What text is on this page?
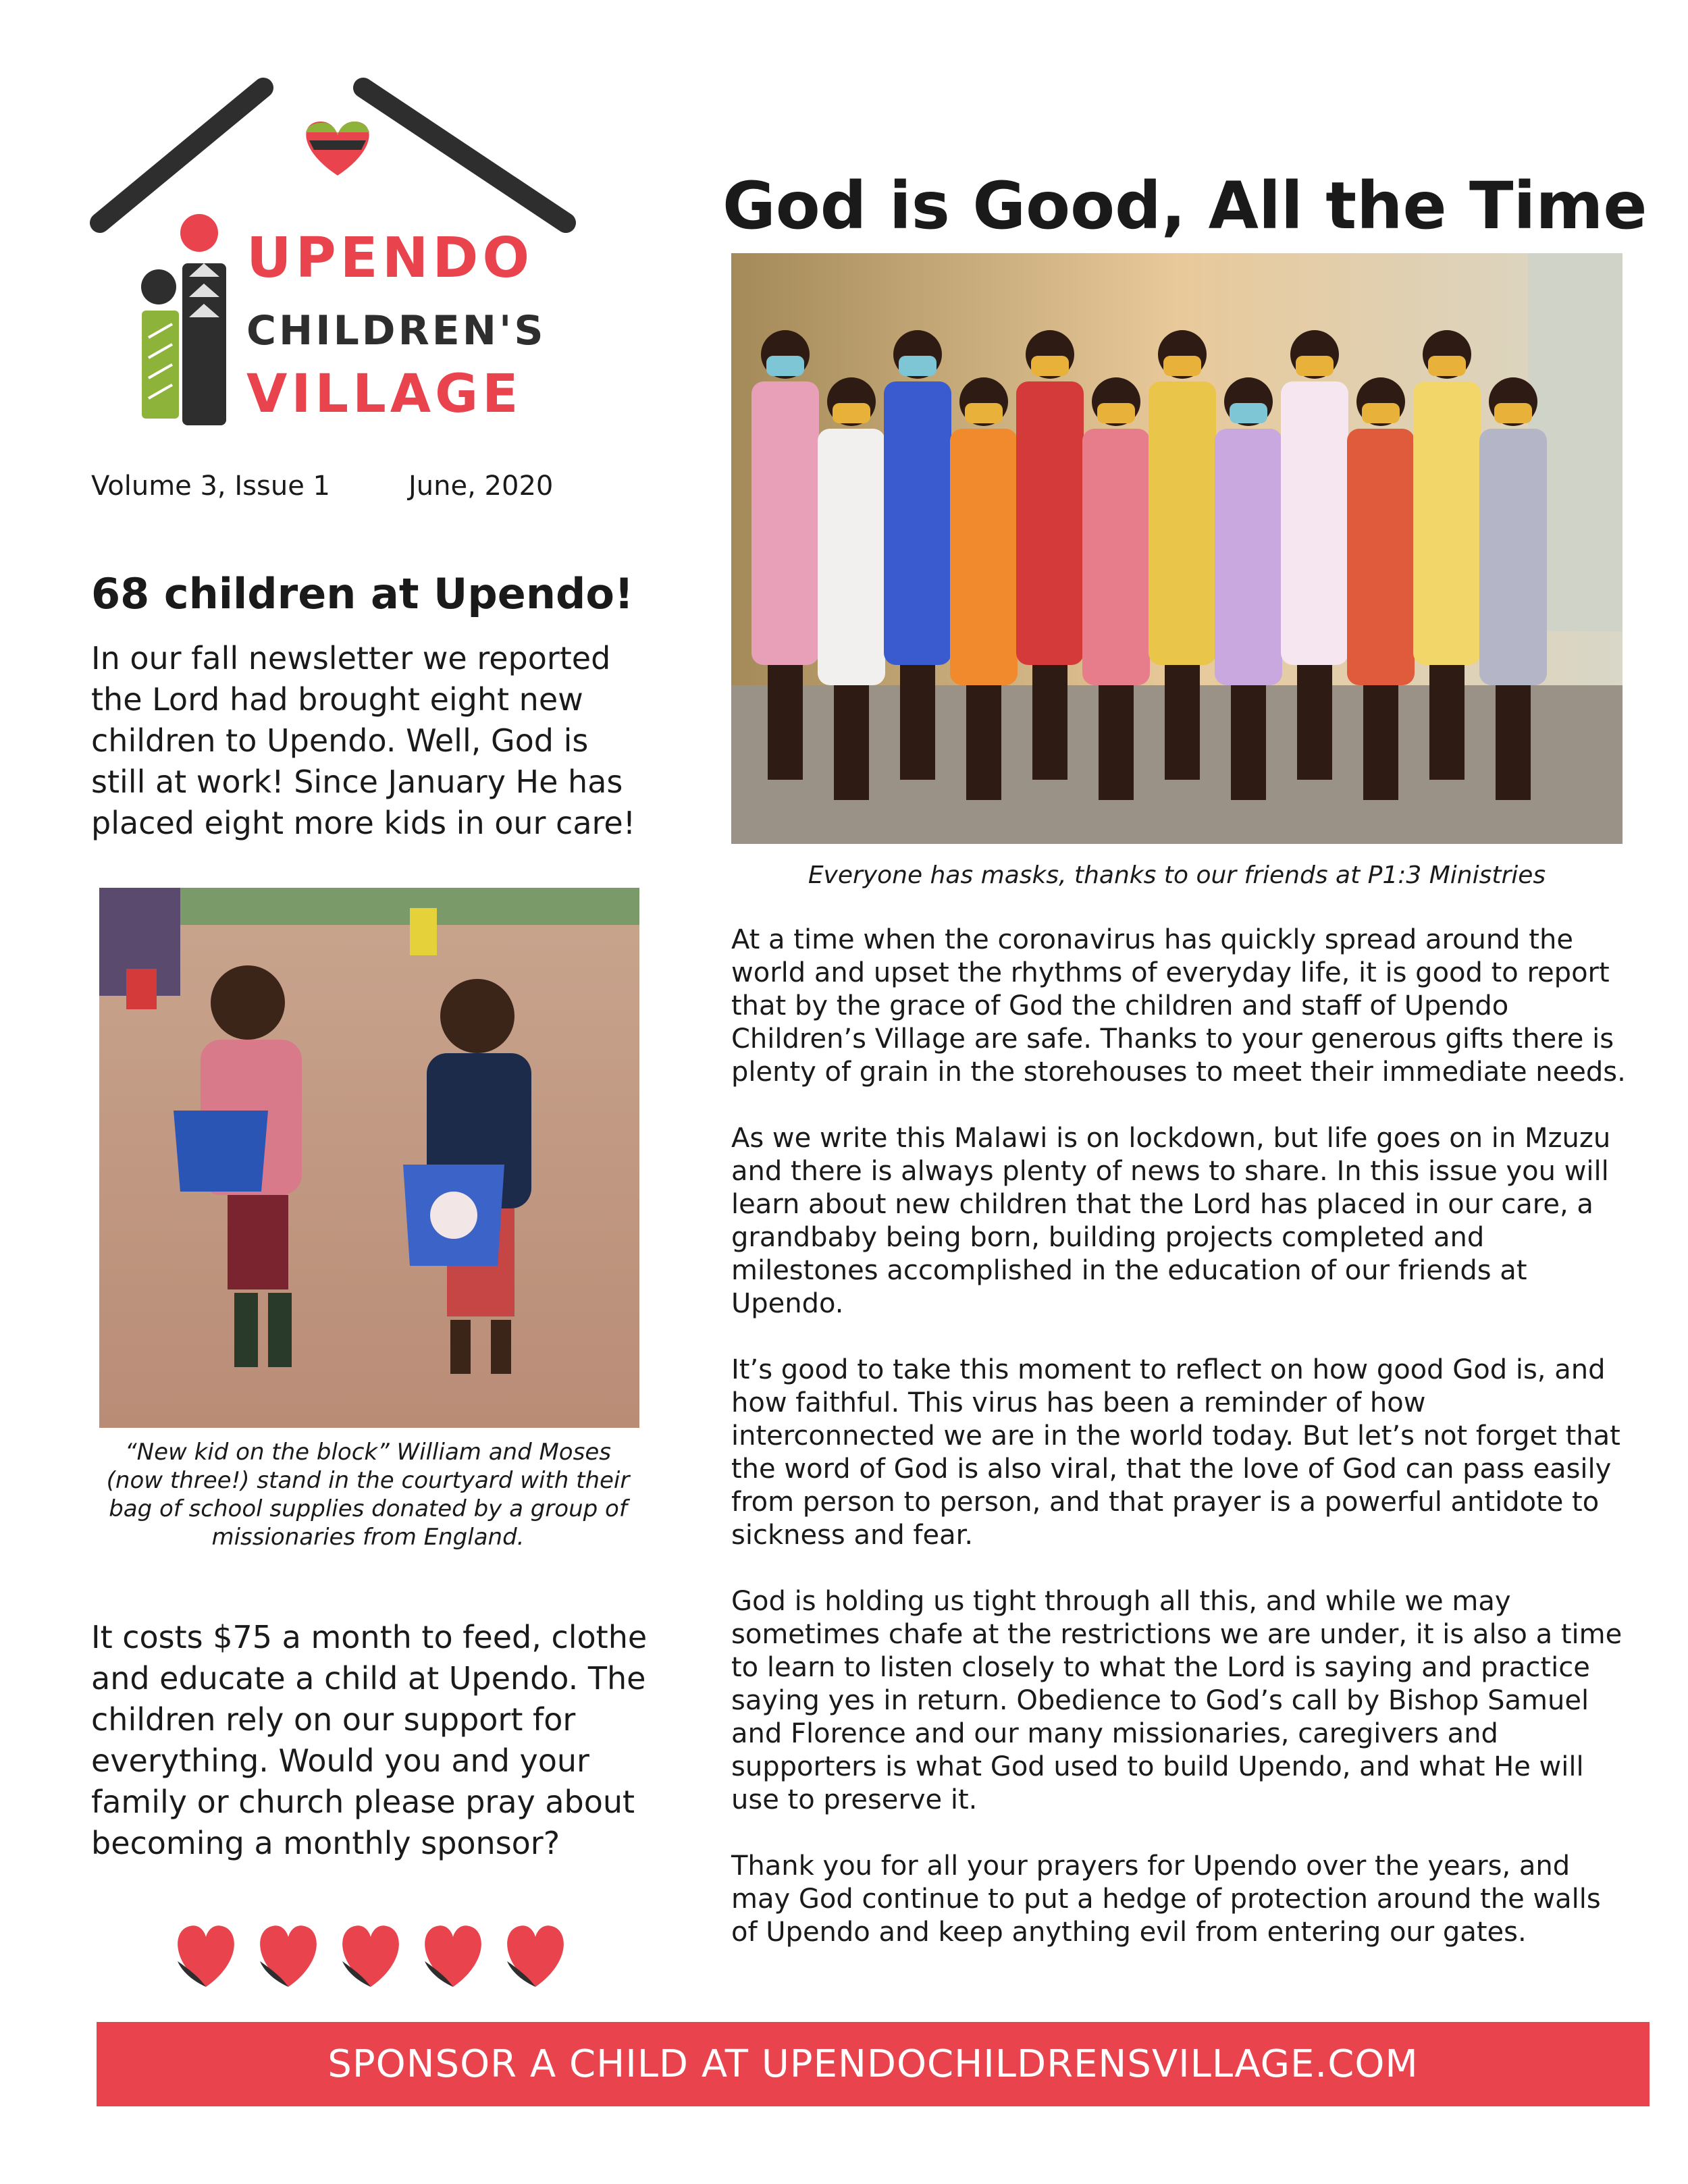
UPENDO
CHILDREN'S
VILLAGE
Volume 3, Issue 1	June, 2020
68 children at Upendo!
In our fall newsletter we reported the Lord had brought eight new children to Upendo. Well, God is still at work! Since January He has placed eight more kids in our care!
“New kid on the block” William and Moses (now three!) stand in the courtyard with their bag of school supplies donated by a group of missionaries from England.
It costs $75 a month to feed, clothe and educate a child at Upendo. The children rely on our support for everything. Would you and your family or church please pray about becoming a monthly sponsor?
God is Good, All the Time
Everyone has masks, thanks to our friends at P1:3 Ministries

At a time when the coronavirus has quickly spread around the world and upset the rhythms of everyday life, it is good to report that by the grace of God the children and staff of Upendo Children’s Village are safe. Thanks to your generous gifts there is plenty of grain in the storehouses to meet their immediate needs.

As we write this Malawi is on lockdown, but life goes on in Mzuzu and there is always plenty of news to share. In this issue you will learn about new children that the Lord has placed in our care, a grandbaby being born, building projects completed and milestones accomplished in the education of our friends at Upendo.

It’s good to take this moment to reflect on how good God is, and how faithful. This virus has been a reminder of how interconnected we are in the world today. But let’s not forget that the word of God is also viral, that the love of God can pass easily from person to person, and that prayer is a powerful antidote to sickness and fear.

God is holding us tight through all this, and while we may sometimes chafe at the restrictions we are under, it is also a time to learn to listen closely to what the Lord is saying and practice saying yes in return. Obedience to God’s call by Bishop Samuel and Florence and our many missionaries, caregivers and supporters is what God used to build Upendo, and what He will use to preserve it.

Thank you for all your prayers for Upendo over the years, and may God continue to put a hedge of protection around the walls of Upendo and keep anything evil from entering our gates.

SPONSOR A CHILD AT UPENDOCHILDRENSVILLAGE.COM
